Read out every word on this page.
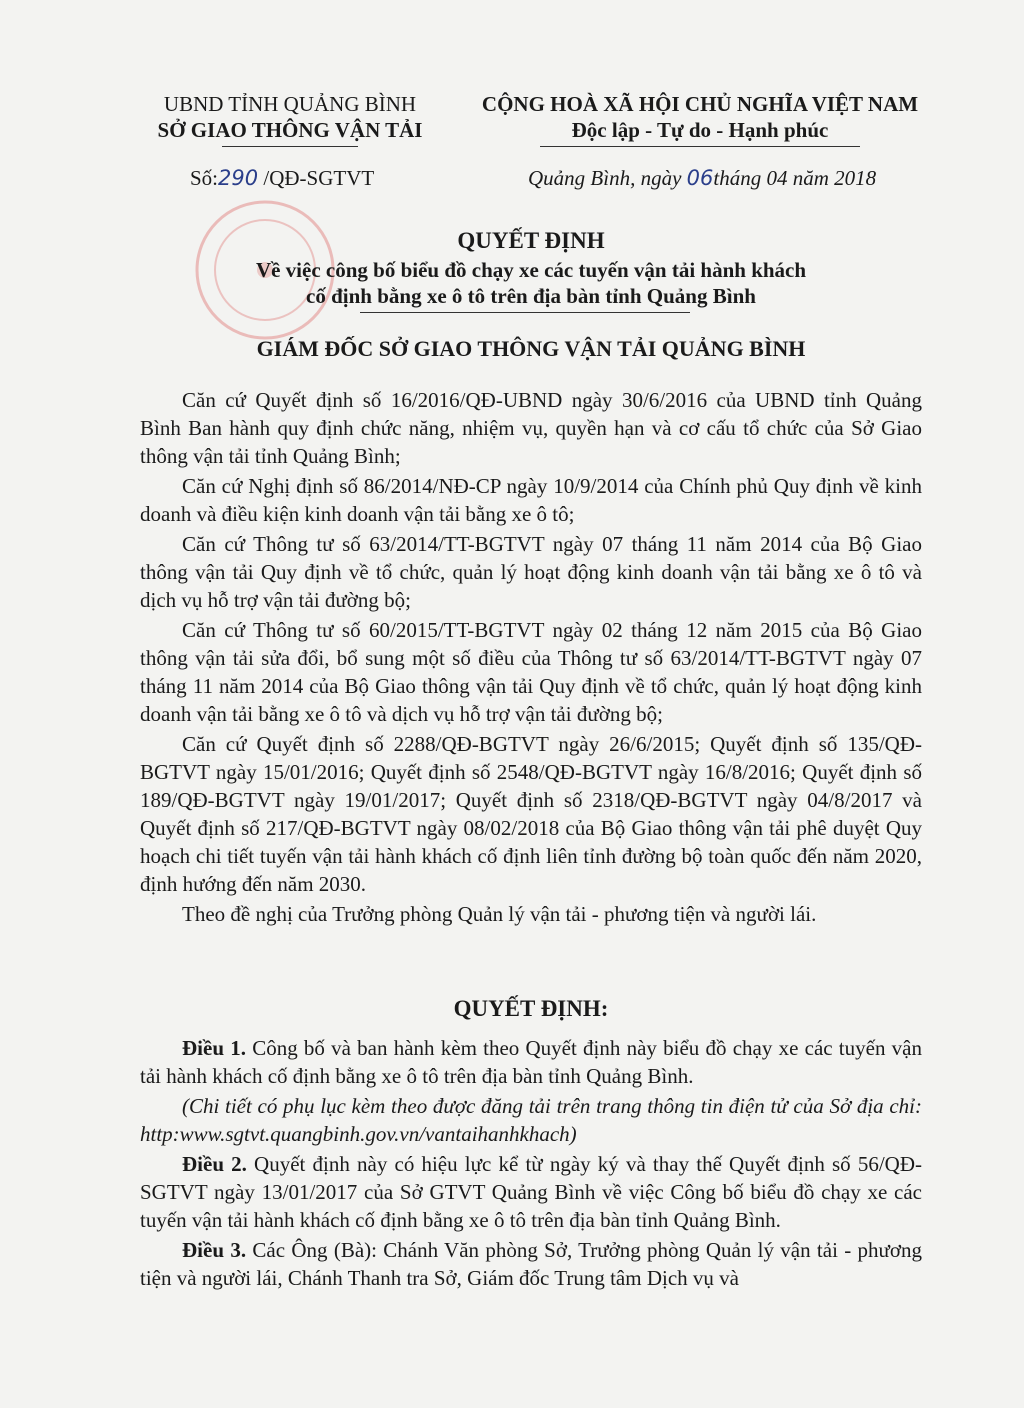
UBND TỈNH QUẢNG BÌNH
SỞ GIAO THÔNG VẬN TẢI
CỘNG HOÀ XÃ HỘI CHỦ NGHĨA VIỆT NAM
Độc lập - Tự do - Hạnh phúc
Số:290 /QĐ-SGTVT	Quảng Bình, ngày 06tháng 04 năm 2018
QUYẾT ĐỊNH
Về việc công bố biểu đồ chạy xe các tuyến vận tải hành khách
cố định bằng xe ô tô trên địa bàn tỉnh Quảng Bình
GIÁM ĐỐC SỞ GIAO THÔNG VẬN TẢI QUẢNG BÌNH

Căn cứ Quyết định số 16/2016/QĐ-UBND ngày 30/6/2016 của UBND tỉnh Quảng Bình Ban hành quy định chức năng, nhiệm vụ, quyền hạn và cơ cấu tổ chức của Sở Giao thông vận tải tỉnh Quảng Bình;

Căn cứ Nghị định số 86/2014/NĐ-CP ngày 10/9/2014 của Chính phủ Quy định về kinh doanh và điều kiện kinh doanh vận tải bằng xe ô tô;

Căn cứ Thông tư số 63/2014/TT-BGTVT ngày 07 tháng 11 năm 2014 của Bộ Giao thông vận tải Quy định về tổ chức, quản lý hoạt động kinh doanh vận tải bằng xe ô tô và dịch vụ hỗ trợ vận tải đường bộ;

Căn cứ Thông tư số 60/2015/TT-BGTVT ngày 02 tháng 12 năm 2015 của Bộ Giao thông vận tải sửa đổi, bổ sung một số điều của Thông tư số 63/2014/TT-BGTVT ngày 07 tháng 11 năm 2014 của Bộ Giao thông vận tải Quy định về tổ chức, quản lý hoạt động kinh doanh vận tải bằng xe ô tô và dịch vụ hỗ trợ vận tải đường bộ;

Căn cứ Quyết định số 2288/QĐ-BGTVT ngày 26/6/2015; Quyết định số 135/QĐ-BGTVT ngày 15/01/2016; Quyết định số 2548/QĐ-BGTVT ngày 16/8/2016; Quyết định số 189/QĐ-BGTVT ngày 19/01/2017; Quyết định số 2318/QĐ-BGTVT ngày 04/8/2017 và Quyết định số 217/QĐ-BGTVT ngày 08/02/2018 của Bộ Giao thông vận tải phê duyệt Quy hoạch chi tiết tuyến vận tải hành khách cố định liên tỉnh đường bộ toàn quốc đến năm 2020, định hướng đến năm 2030.

Theo đề nghị của Trưởng phòng Quản lý vận tải - phương tiện và người lái.

QUYẾT ĐỊNH:

Điều 1. Công bố và ban hành kèm theo Quyết định này biểu đồ chạy xe các tuyến vận tải hành khách cố định bằng xe ô tô trên địa bàn tỉnh Quảng Bình.

(Chi tiết có phụ lục kèm theo được đăng tải trên trang thông tin điện tử của Sở địa chỉ: http:www.sgtvt.quangbinh.gov.vn/vantaihanhkhach)

Điều 2. Quyết định này có hiệu lực kể từ ngày ký và thay thế Quyết định số 56/QĐ-SGTVT ngày 13/01/2017 của Sở GTVT Quảng Bình về việc Công bố biểu đồ chạy xe các tuyến vận tải hành khách cố định bằng xe ô tô trên địa bàn tỉnh Quảng Bình.

Điều 3. Các Ông (Bà): Chánh Văn phòng Sở, Trưởng phòng Quản lý vận tải - phương tiện và người lái, Chánh Thanh tra Sở, Giám đốc Trung tâm Dịch vụ và
